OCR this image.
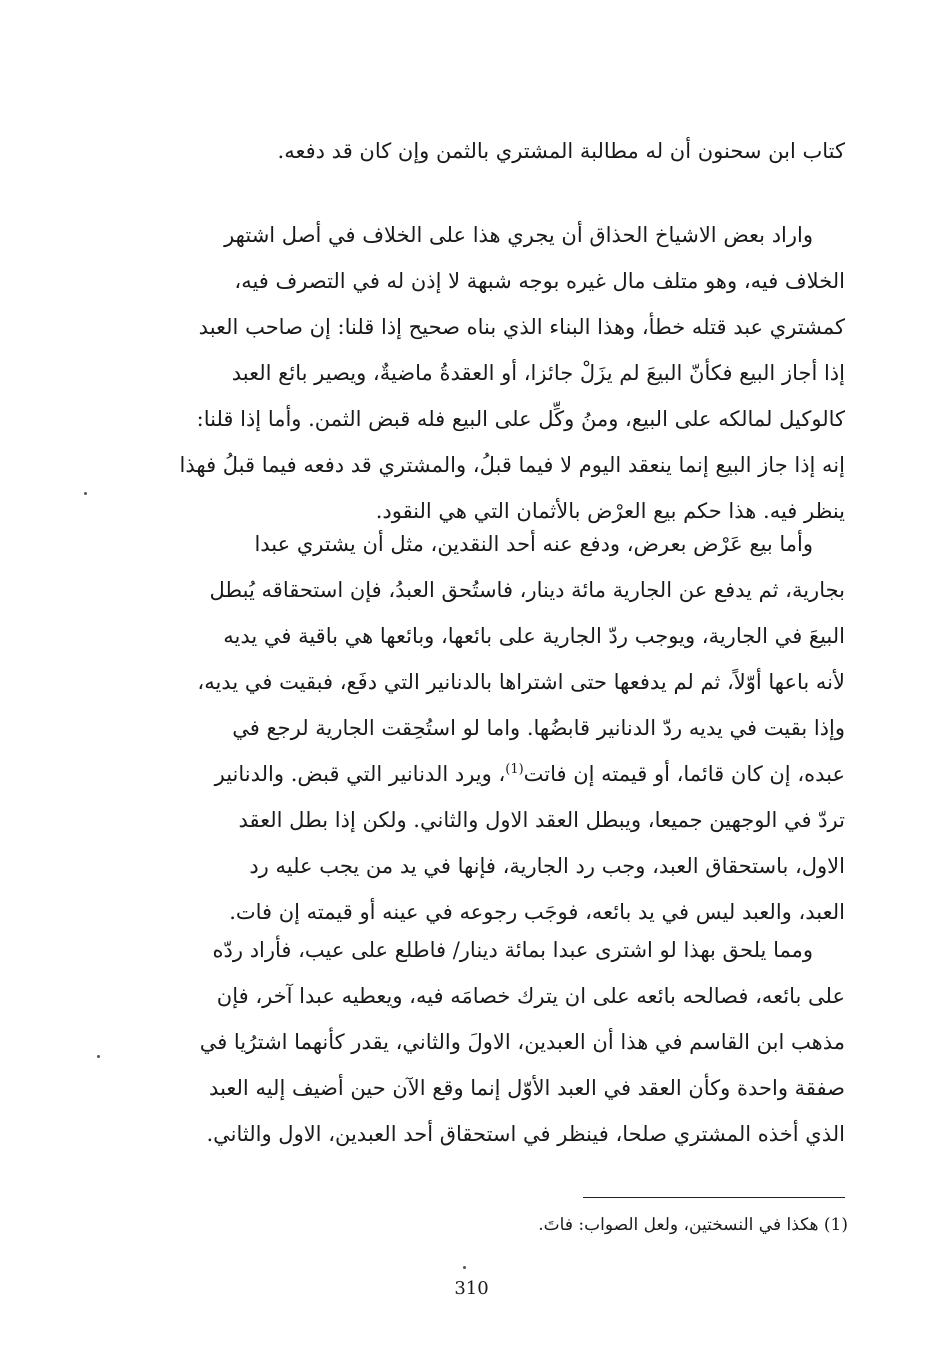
كتاب ابن سحنون أن له مطالبة المشتري بالثمن وإن كان قد دفعه.

واراد بعض الاشياخ الحذاق أن يجري هذا على الخلاف في أصل اشتهر
الخلاف فيه، وهو متلف مال غيره بوجه شبهة لا إذن له في التصرف فيه،
كمشتري عبد قتله خطأ، وهذا البناء الذي بناه صحيح إذا قلنا: إن صاحب العبد
إذا أجاز البيع فكأنّ البيعَ لم يزَلْ جائزا، أو العقدةُ ماضيةٌ، ويصير بائع العبد
كالوكيل لمالكه على البيع، ومنُ وكِّل على البيع فله قبض الثمن. وأما إذا قلنا:
إنه إذا جاز البيع إنما ينعقد اليوم لا فيما قبلُ، والمشتري قد دفعه فيما قبلُ فهذا
ينظر فيه. هذا حكم بيع العرْض بالأثمان التي هي النقود.

وأما بيع عَرْض بعرض، ودفع عنه أحد النقدين، مثل أن يشتري عبدا
بجارية، ثم يدفع عن الجارية مائة دينار، فاستُحق العبدُ، فإن استحقاقه يُبطل
البيعَ في الجارية، ويوجب ردّ الجارية على بائعها، وبائعها هي باقية في يديه
لأنه باعها أوّلاً، ثم لم يدفعها حتى اشتراها بالدنانير التي دفَع، فبقيت في يديه،
وإذا بقيت في يديه ردّ الدنانير قابضُها. واما لو استُحِقت الجارية لرجع في
عبده، إن كان قائما، أو قيمته إن فاتت$^{(1)}$، ويرد الدنانير التي قبض. والدنانير
تردّ في الوجهين جميعا، ويبطل العقد الاول والثاني. ولكن إذا بطل العقد
الاول، باستحقاق العبد، وجب رد الجارية، فإنها في يد من يجب عليه رد
العبد، والعبد ليس في يد بائعه، فوجَب رجوعه في عينه أو قيمته إن فات.

ومما يلحق بهذا لو اشترى عبدا بمائة دينار/ فاطلع على عيب، فأراد ردّه
على بائعه، فصالحه بائعه على ان يترك خصامَه فيه، ويعطيه عبدا آخر، فإن
مذهب ابن القاسم في هذا أن العبدين، الاولَ والثاني، يقدر كأنهما اشترُيا في
صفقة واحدة وكأن العقد في العبد الأوّل إنما وقع الآن حين أضيف إليه العبد
الذي أخذه المشتري صلحا، فينظر في استحقاق أحد العبدين، الاول والثاني.

(1) هكذا في النسختين، ولعل الصواب: فاتَ.
310
